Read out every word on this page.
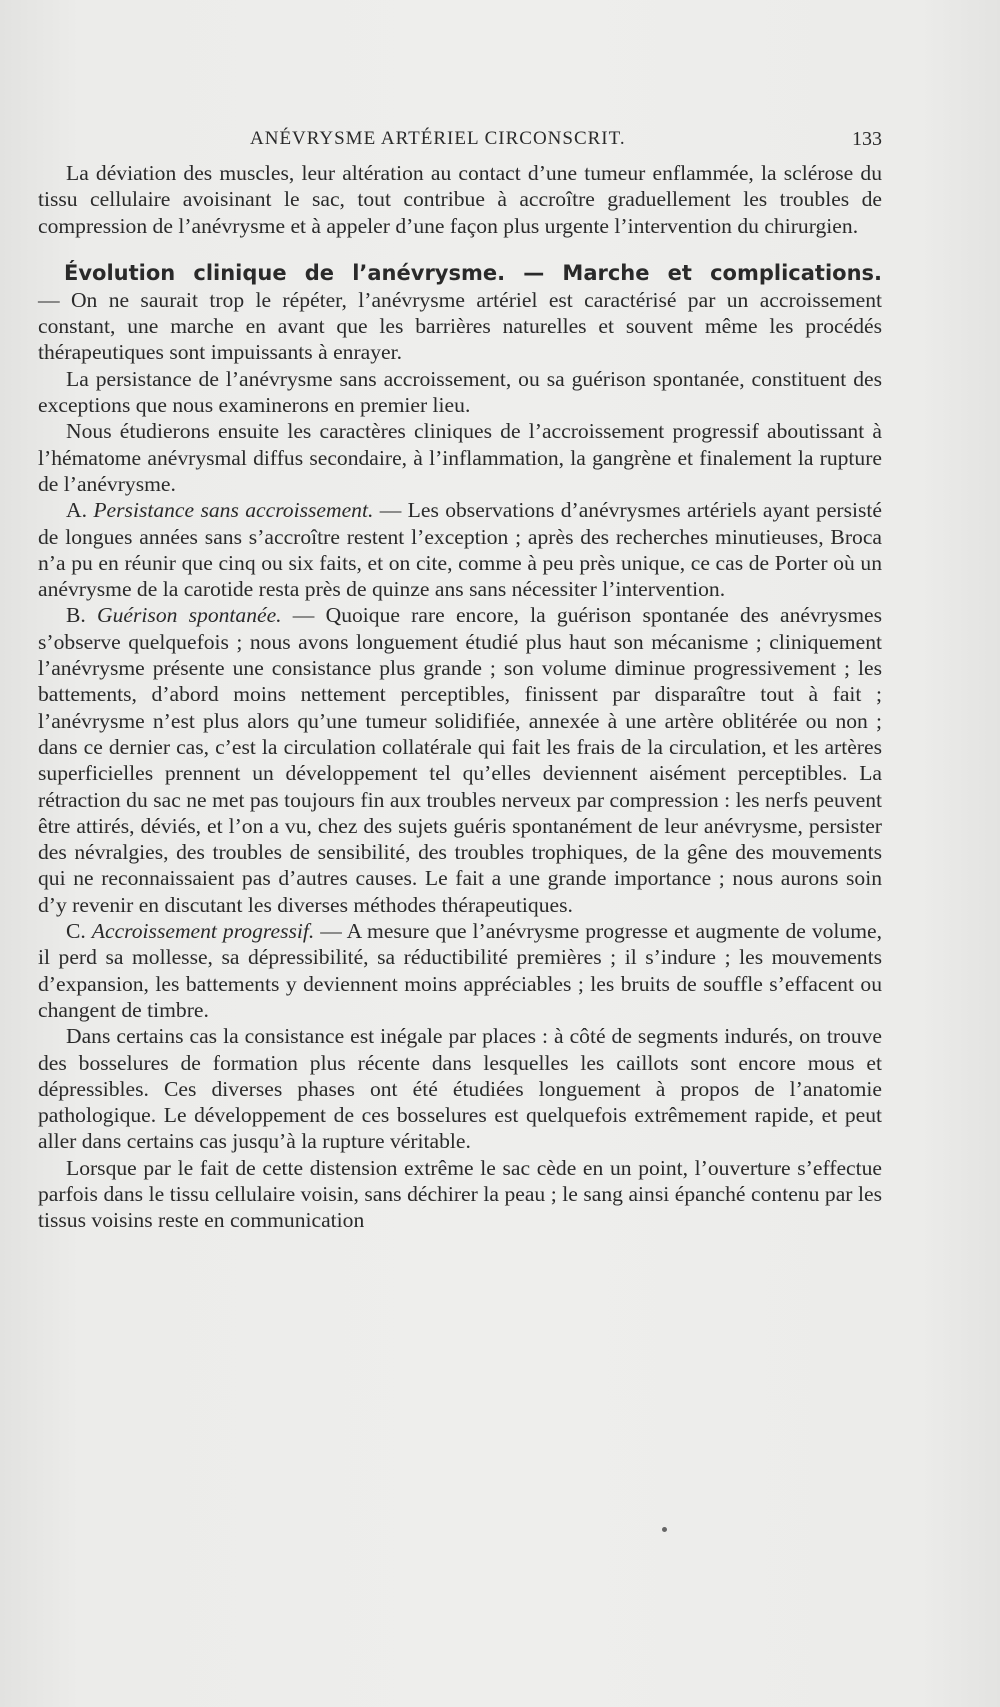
ANÉVRYSME ARTÉRIEL CIRCONSCRIT.	133

La déviation des muscles, leur altération au contact d’une tumeur enflammée, la sclérose du tissu cellulaire avoisinant le sac, tout contribue à accroître graduellement les troubles de compression de l’anévrysme et à appeler d’une façon plus urgente l’intervention du chirurgien.

Évolution clinique de l’anévrysme. — Marche et complications.

— On ne saurait trop le répéter, l’anévrysme artériel est caractérisé par un accroissement constant, une marche en avant que les barrières naturelles et souvent même les procédés thérapeutiques sont impuissants à enrayer.

La persistance de l’anévrysme sans accroissement, ou sa guérison spontanée, constituent des exceptions que nous examinerons en premier lieu.

Nous étudierons ensuite les caractères cliniques de l’accroissement progressif aboutissant à l’hématome anévrysmal diffus secondaire, à l’inflammation, la gangrène et finalement la rupture de l’anévrysme.

A. Persistance sans accroissement. — Les observations d’anévrysmes artériels ayant persisté de longues années sans s’accroître restent l’exception ; après des recherches minutieuses, Broca n’a pu en réunir que cinq ou six faits, et on cite, comme à peu près unique, ce cas de Porter où un anévrysme de la carotide resta près de quinze ans sans nécessiter l’intervention.

B. Guérison spontanée. — Quoique rare encore, la guérison spontanée des anévrysmes s’observe quelquefois ; nous avons longuement étudié plus haut son mécanisme ; cliniquement l’anévrysme présente une consistance plus grande ; son volume diminue progressivement ; les battements, d’abord moins nettement perceptibles, finissent par disparaître tout à fait ; l’anévrysme n’est plus alors qu’une tumeur solidifiée, annexée à une artère oblitérée ou non ; dans ce dernier cas, c’est la circulation collatérale qui fait les frais de la circulation, et les artères superficielles prennent un développement tel qu’elles deviennent aisément perceptibles. La rétraction du sac ne met pas toujours fin aux troubles nerveux par compression : les nerfs peuvent être attirés, déviés, et l’on a vu, chez des sujets guéris spontanément de leur anévrysme, persister des névralgies, des troubles de sensibilité, des troubles trophiques, de la gêne des mouvements qui ne reconnaissaient pas d’autres causes. Le fait a une grande importance ; nous aurons soin d’y revenir en discutant les diverses méthodes thérapeutiques.

C. Accroissement progressif. — A mesure que l’anévrysme progresse et augmente de volume, il perd sa mollesse, sa dépressibilité, sa réductibilité premières ; il s’indure ; les mouvements d’expansion, les battements y deviennent moins appréciables ; les bruits de souffle s’effacent ou changent de timbre.

Dans certains cas la consistance est inégale par places : à côté de segments indurés, on trouve des bosselures de formation plus récente dans lesquelles les caillots sont encore mous et dépressibles. Ces diverses phases ont été étudiées longuement à propos de l’anatomie pathologique. Le développement de ces bosselures est quelquefois extrêmement rapide, et peut aller dans certains cas jusqu’à la rupture véritable.

Lorsque par le fait de cette distension extrême le sac cède en un point, l’ouverture s’effectue parfois dans le tissu cellulaire voisin, sans déchirer la peau ; le sang ainsi épanché contenu par les tissus voisins reste en communication
